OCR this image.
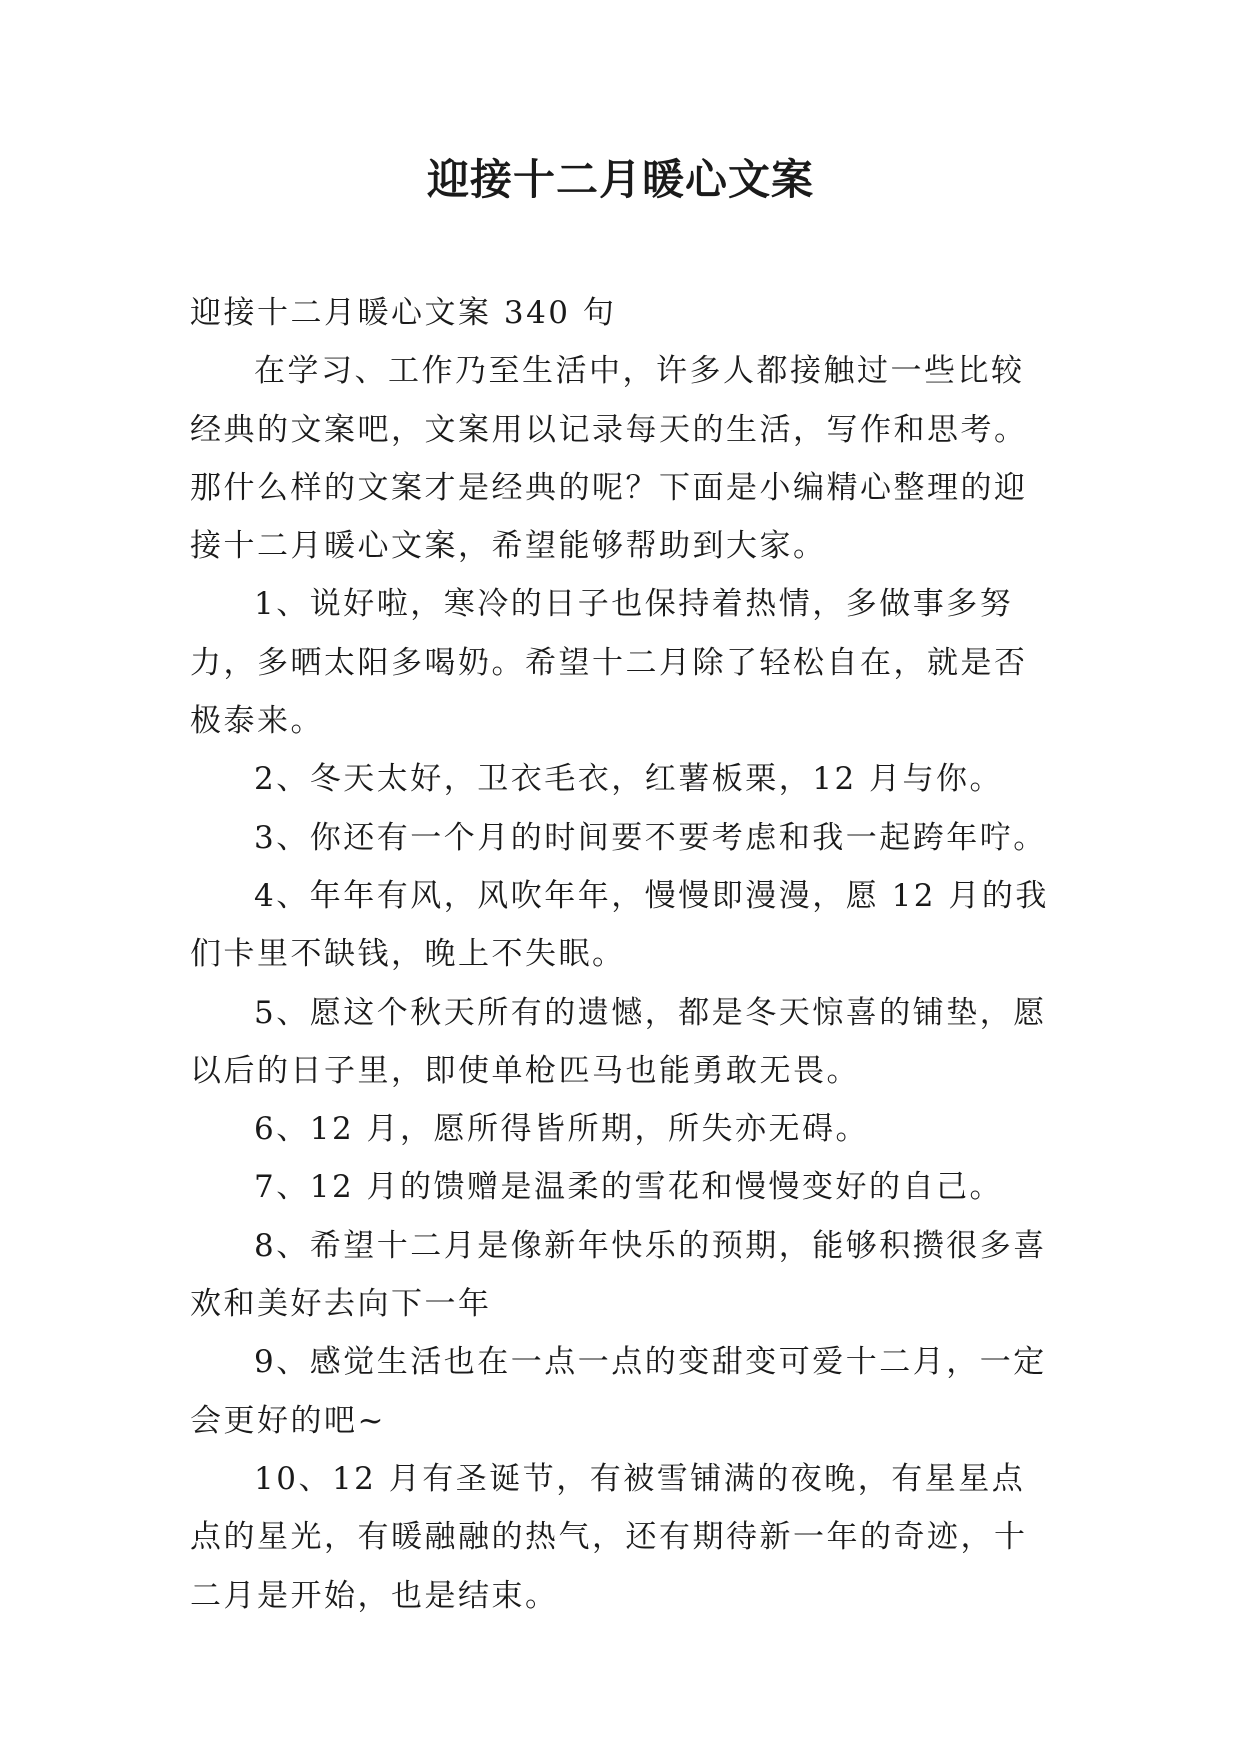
迎接十二月暖心文案

迎接十二月暖心文案 340 句

在学习、工作乃至生活中，许多人都接触过一些比较经典的文案吧，文案用以记录每天的生活，写作和思考。那什么样的文案才是经典的呢？下面是小编精心整理的迎接十二月暖心文案，希望能够帮助到大家。

1、说好啦，寒冷的日子也保持着热情，多做事多努力，多晒太阳多喝奶。希望十二月除了轻松自在，就是否极泰来。

2、冬天太好，卫衣毛衣，红薯板栗，12 月与你。

3、你还有一个月的时间要不要考虑和我一起跨年咛。

4、年年有风，风吹年年，慢慢即漫漫，愿 12 月的我们卡里不缺钱，晚上不失眠。

5、愿这个秋天所有的遗憾，都是冬天惊喜的铺垫，愿以后的日子里，即使单枪匹马也能勇敢无畏。

6、12 月，愿所得皆所期，所失亦无碍。

7、12 月的馈赠是温柔的雪花和慢慢变好的自己。

8、希望十二月是像新年快乐的预期，能够积攒很多喜欢和美好去向下一年

9、感觉生活也在一点一点的变甜变可爱十二月，一定会更好的吧~

10、12 月有圣诞节，有被雪铺满的夜晚，有星星点点的星光，有暖融融的热气，还有期待新一年的奇迹，十二月是开始，也是结束。
